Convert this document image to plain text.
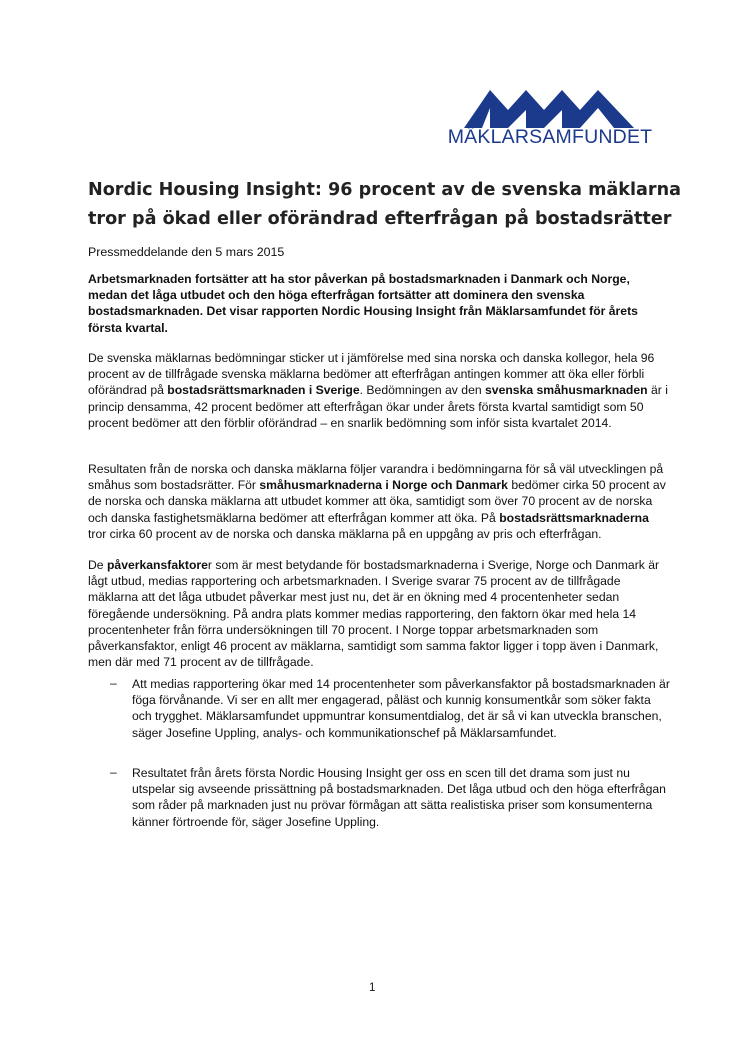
MÄKLARSAMFUNDET
Nordic Housing Insight: 96 procent av de svenska mäklarna tror på ökad eller oförändrad efterfrågan på bostadsrätter
Pressmeddelande den 5 mars 2015

Arbetsmarknaden fortsätter att ha stor påverkan på bostadsmarknaden i Danmark och Norge, medan det låga utbudet och den höga efterfrågan fortsätter att dominera den svenska bostadsmarknaden. Det visar rapporten Nordic Housing Insight från Mäklarsamfundet för årets första kvartal.

De svenska mäklarnas bedömningar sticker ut i jämförelse med sina norska och danska kollegor, hela 96 procent av de tillfrågade svenska mäklarna bedömer att efterfrågan antingen kommer att öka eller förbli oförändrad på bostadsrättsmarknaden i Sverige. Bedömningen av den svenska småhusmarknaden är i princip densamma, 42 procent bedömer att efterfrågan ökar under årets första kvartal samtidigt som 50 procent bedömer att den förblir oförändrad – en snarlik bedömning som inför sista kvartalet 2014.

Resultaten från de norska och danska mäklarna följer varandra i bedömningarna för så väl utvecklingen på småhus som bostadsrätter. För småhusmarknaderna i Norge och Danmark bedömer cirka 50 procent av de norska och danska mäklarna att utbudet kommer att öka, samtidigt som över 70 procent av de norska och danska fastighetsmäklarna bedömer att efterfrågan kommer att öka. På bostadsrättsmarknaderna tror cirka 60 procent av de norska och danska mäklarna på en uppgång av pris och efterfrågan.

De påverkansfaktorer som är mest betydande för bostadsmarknaderna i Sverige, Norge och Danmark är lågt utbud, medias rapportering och arbetsmarknaden. I Sverige svarar 75 procent av de tillfrågade mäklarna att det låga utbudet påverkar mest just nu, det är en ökning med 4 procentenheter sedan föregående undersökning. På andra plats kommer medias rapportering, den faktorn ökar med hela 14 procentenheter från förra undersökningen till 70 procent. I Norge toppar arbetsmarknaden som påverkansfaktor, enligt 46 procent av mäklarna, samtidigt som samma faktor ligger i topp även i Danmark, men där med 71 procent av de tillfrågade.

– Att medias rapportering ökar med 14 procentenheter som påverkansfaktor på bostadsmarknaden är föga förvånande. Vi ser en allt mer engagerad, påläst och kunnig konsumentkår som söker fakta och trygghet. Mäklarsamfundet uppmuntrar konsumentdialog, det är så vi kan utveckla branschen, säger Josefine Uppling, analys- och kommunikationschef på Mäklarsamfundet.

– Resultatet från årets första Nordic Housing Insight ger oss en scen till det drama som just nu utspelar sig avseende prissättning på bostadsmarknaden. Det låga utbud och den höga efterfrågan som råder på marknaden just nu prövar förmågan att sätta realistiska priser som konsumenterna känner förtroende för, säger Josefine Uppling.

1
